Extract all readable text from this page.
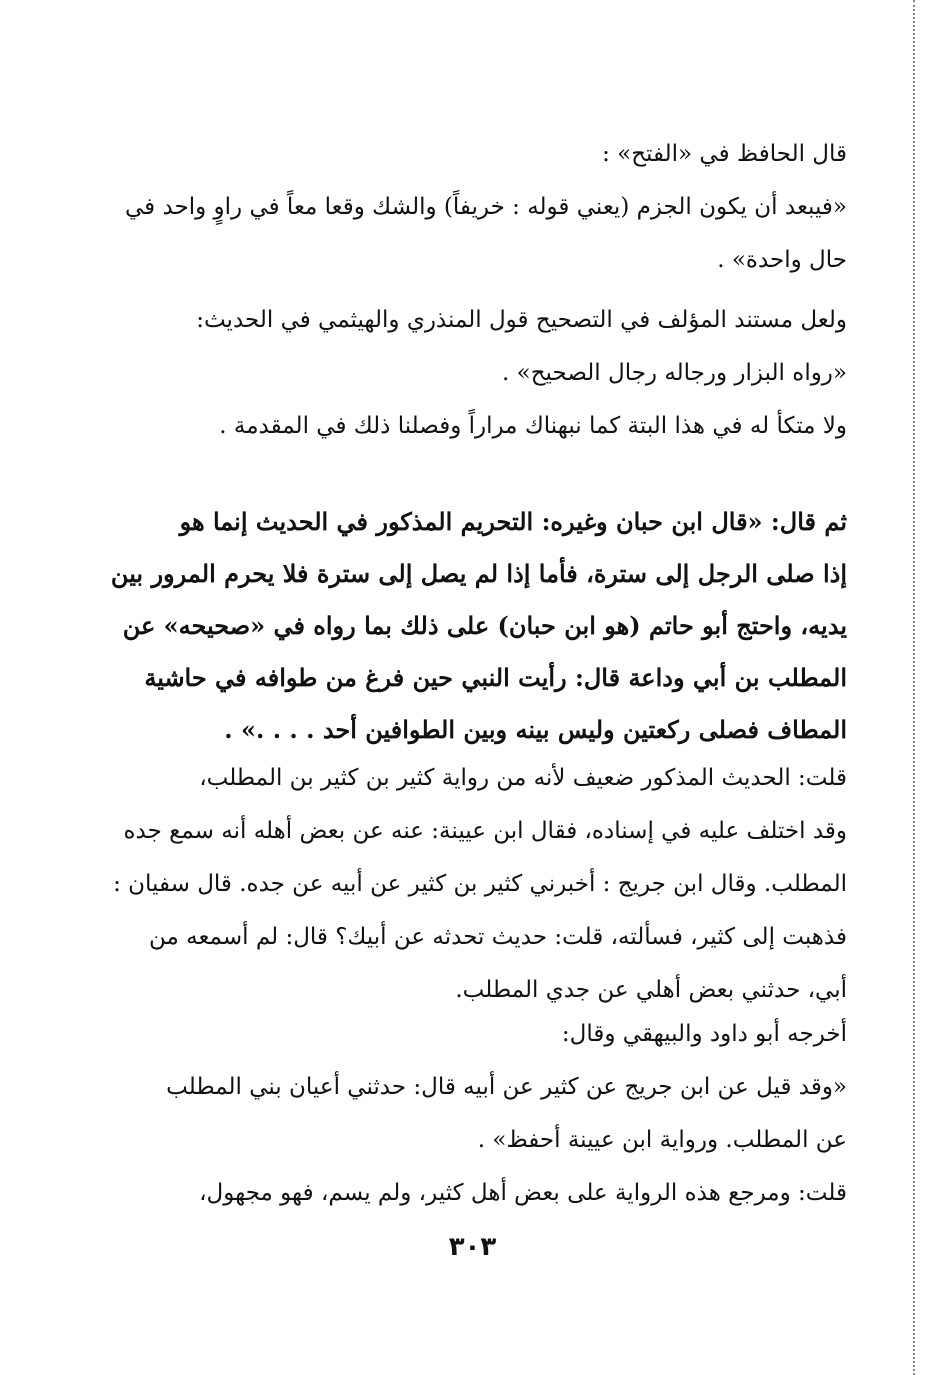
قال الحافظ في «الفتح» :
«فيبعد أن يكون الجزم (يعني قوله : خريفاً) والشك وقعا معاً في راوٍ واحد في
حال واحدة» .
ولعل مستند المؤلف في التصحيح قول المنذري والهيثمي في الحديث:
«رواه البزار ورجاله رجال الصحيح» .
ولا متكأ له في هذا البتة كما نبهناك مراراً وفصلنا ذلك في المقدمة .
ثم قال: «قال ابن حبان وغيره: التحريم المذكور في الحديث إنما هو
إذا صلى الرجل إلى سترة، فأما إذا لم يصل إلى سترة فلا يحرم المرور بين
يديه، واحتج أبو حاتم (هو ابن حبان) على ذلك بما رواه في «صحيحه» عن
المطلب بن أبي وداعة قال: رأيت النبي حين فرغ من طوافه في حاشية
المطاف فصلى ركعتين وليس بينه وبين الطوافين أحد . . . .» .
قلت: الحديث المذكور ضعيف لأنه من رواية كثير بن كثير بن المطلب،
وقد اختلف عليه في إسناده، فقال ابن عيينة: عنه عن بعض أهله أنه سمع جده
المطلب. وقال ابن جريج : أخبرني كثير بن كثير عن أبيه عن جده. قال سفيان :
فذهبت إلى كثير، فسألته، قلت: حديث تحدثه عن أبيك؟ قال: لم أسمعه من
أبي، حدثني بعض أهلي عن جدي المطلب.
أخرجه أبو داود والبيهقي وقال:
«وقد قيل عن ابن جريج عن كثير عن أبيه قال: حدثني أعيان بني المطلب
عن المطلب. ورواية ابن عيينة أحفظ» .
قلت: ومرجع هذه الرواية على بعض أهل كثير، ولم يسم، فهو مجهول،
٣٠٣
